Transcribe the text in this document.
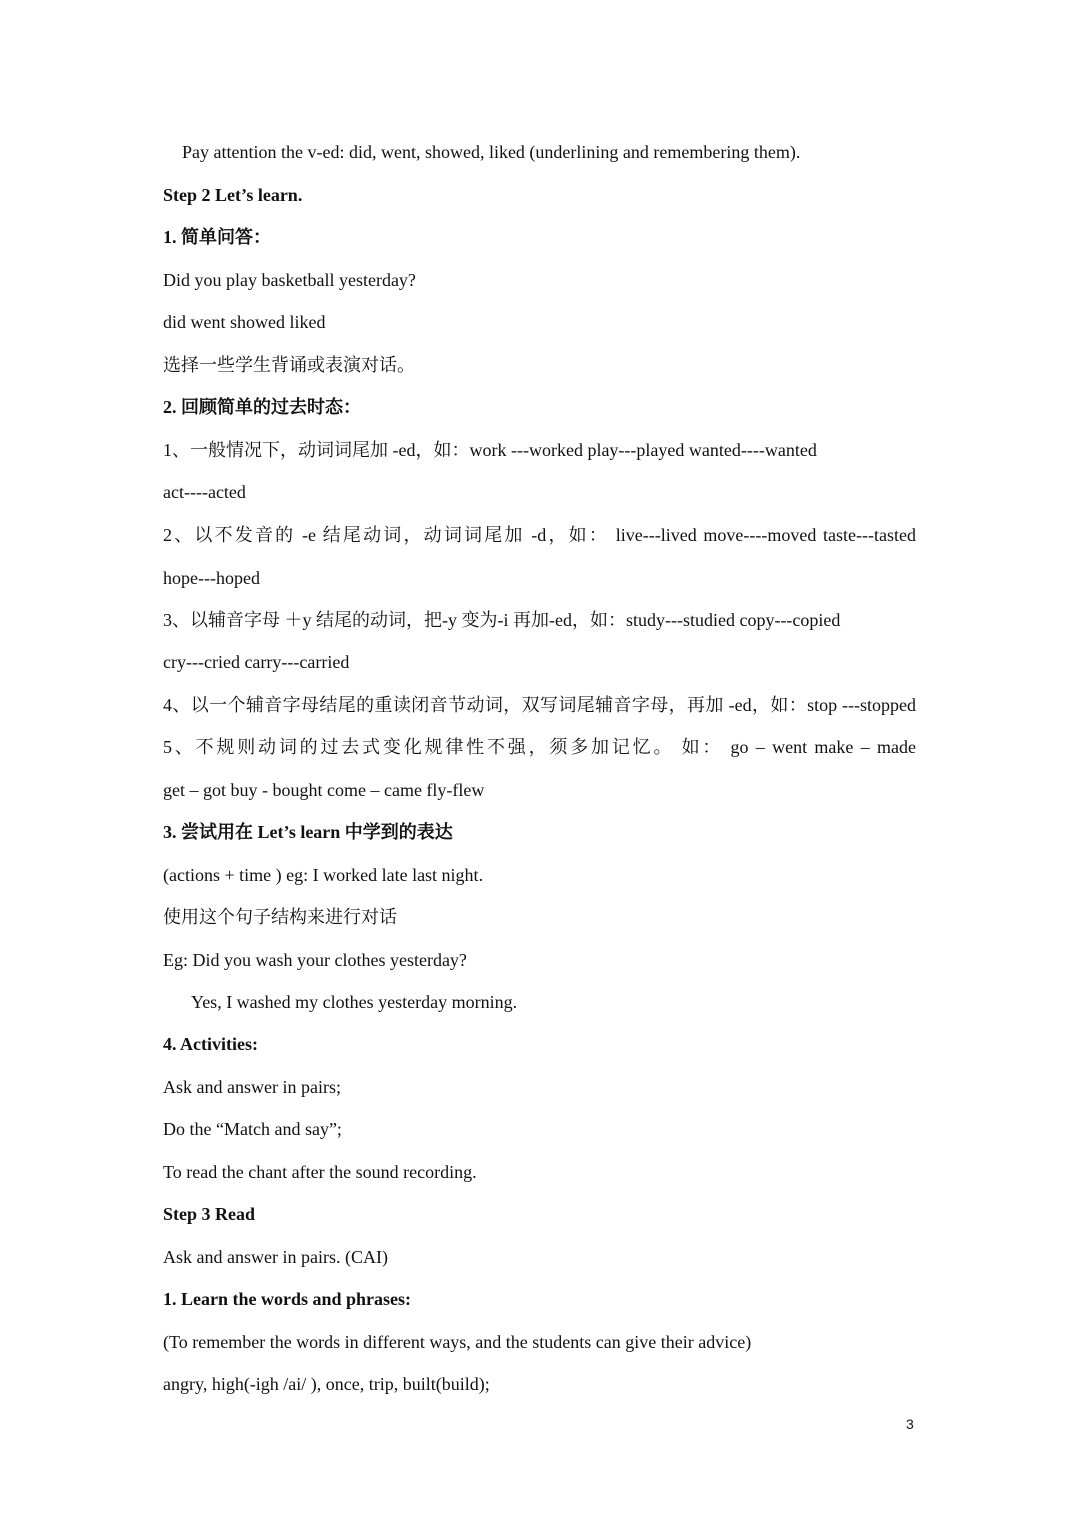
Pay attention the v-ed: did, went, showed, liked (underlining and remembering them).
Step 2 Let’s learn.
1. 简单问答：
Did you play basketball yesterday?
did went showed liked
选择一些学生背诵或表演对话。
2. 回顾简单的过去时态：
1、一般情况下，动词词尾加 -ed，如：work ---worked play---played wanted----wanted
act----acted
2、以不发音的 -e 结尾动词，动词词尾加 -d，如： live---lived move----moved taste---tasted
hope---hoped
3、以辅音字母 ＋y 结尾的动词，把-y 变为-i 再加-ed，如：study---studied copy---copied
cry---cried carry---carried
4、以一个辅音字母结尾的重读闭音节动词，双写词尾辅音字母，再加 -ed，如：stop ---stopped
5、不规则动词的过去式变化规律性不强，须多加记忆。 如： go – went make – made
get – got buy - bought come – came fly-flew
3. 尝试用在 Let’s learn 中学到的表达
(actions + time ) eg: I worked late last night.
使用这个句子结构来进行对话
Eg: Did you wash your clothes yesterday?
Yes, I washed my clothes yesterday morning.
4. Activities:
Ask and answer in pairs;
Do the “Match and say”;
To read the chant after the sound recording.
Step 3 Read
Ask and answer in pairs. (CAI)
1. Learn the words and phrases:
(To remember the words in different ways, and the students can give their advice)
angry, high(-igh /ai/ ), once, trip, built(build);
3
